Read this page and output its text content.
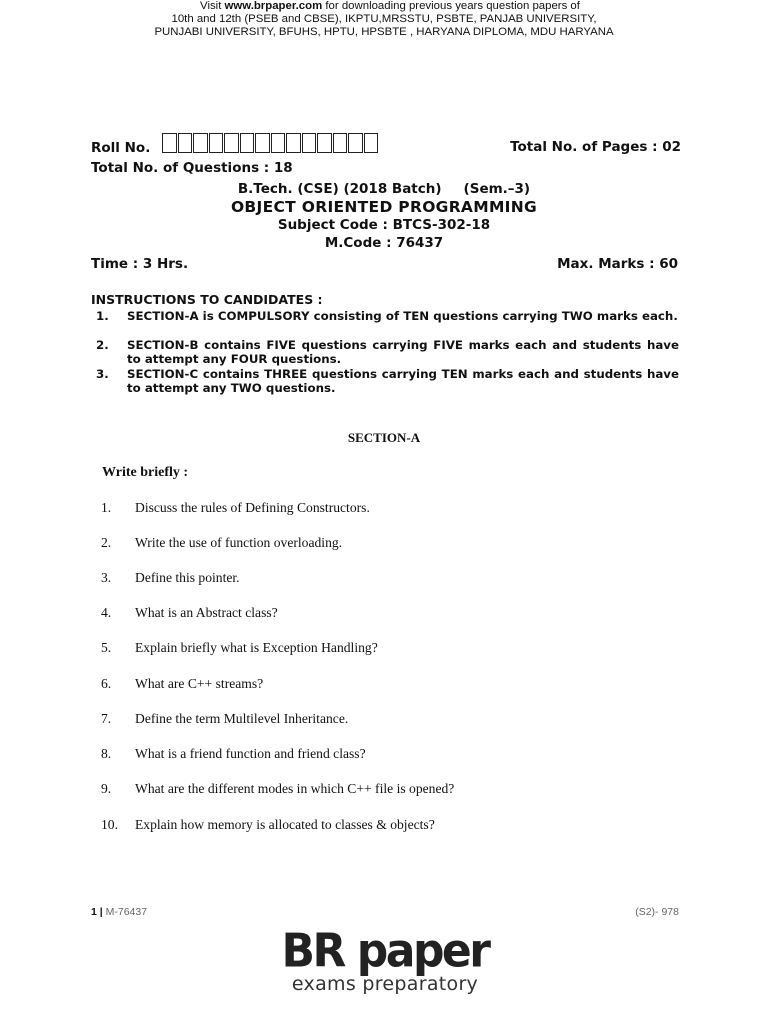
Visit www.brpaper.com for downloading previous years question papers of
10th and 12th (PSEB and CBSE), IKPTU,MRSSTU, PSBTE, PANJAB UNIVERSITY,
PUNJABI UNIVERSITY, BFUHS, HPTU, HPSBTE , HARYANA DIPLOMA, MDU HARYANA
Roll No.	Total No. of Pages : 02
Total No. of Questions : 18
B.Tech. (CSE) (2018 Batch) (Sem.–3)
OBJECT ORIENTED PROGRAMMING
Subject Code : BTCS-302-18
M.Code : 76437
Time : 3 Hrs.	Max. Marks : 60
INSTRUCTIONS TO CANDIDATES :
1. SECTION-A is COMPULSORY consisting of TEN questions carrying TWO marks each.
2. SECTION-B contains FIVE questions carrying FIVE marks each and students have to attempt any FOUR questions.
3. SECTION-C contains THREE questions carrying TEN marks each and students have to attempt any TWO questions.
SECTION-A
Write briefly :
1.	Discuss the rules of Defining Constructors.
2.	Write the use of function overloading.
3.	Define this pointer.
4.	What is an Abstract class?
5.	Explain briefly what is Exception Handling?
6.	What are C++ streams?
7.	Define the term Multilevel Inheritance.
8.	What is a friend function and friend class?
9.	What are the different modes in which C++ file is opened?
10. Explain how memory is allocated to classes & objects?
1 | M-76437	(S2)- 978
BR paper
exams preparatory
